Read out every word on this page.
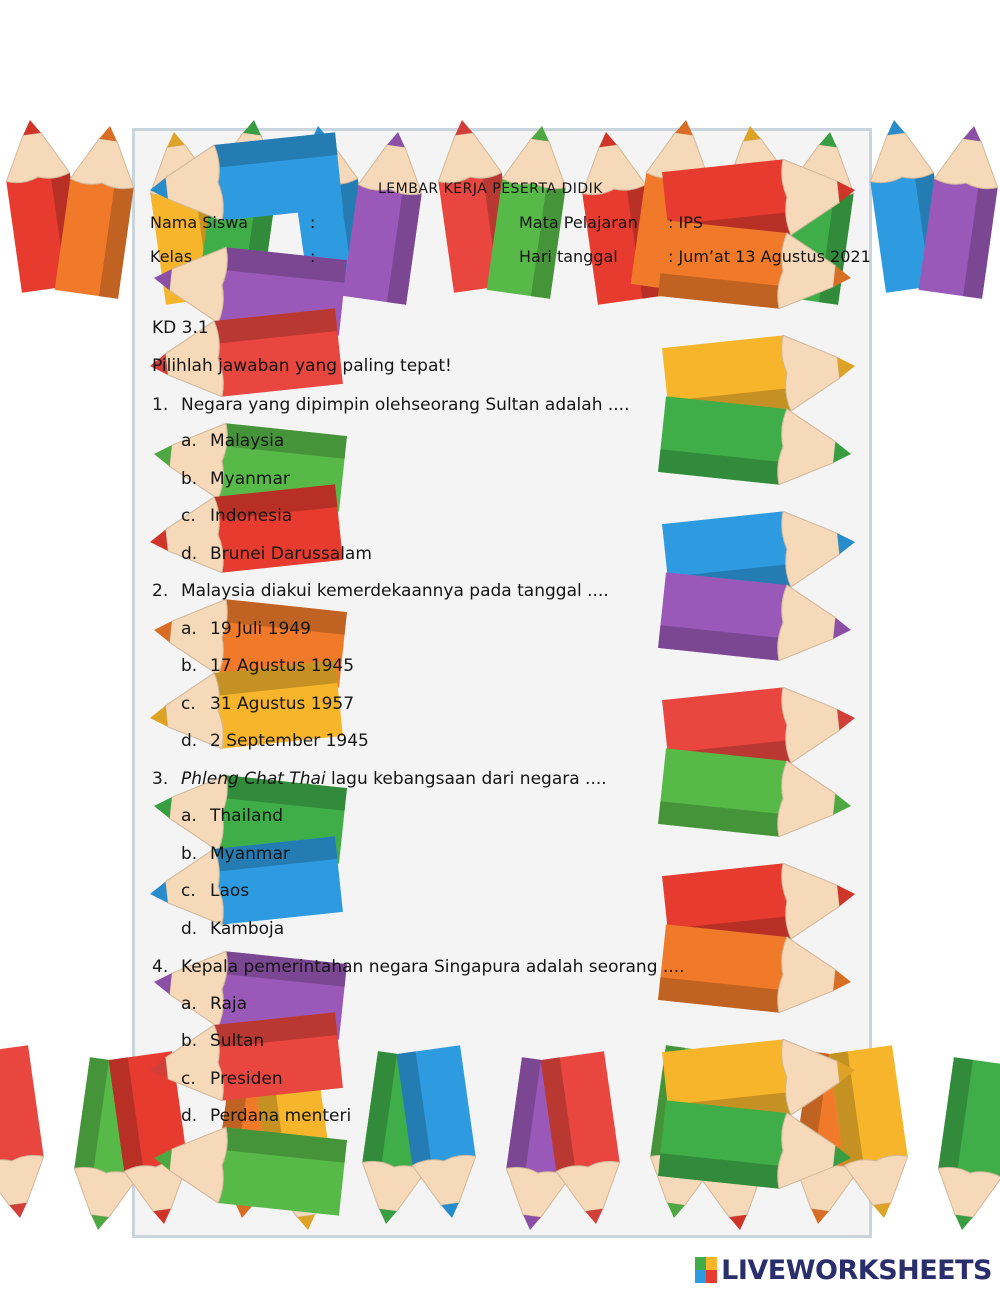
LEMBAR KERJA PESERTA DIDIK
Nama Siswa	:	Mata Pelajaran : IPS
Kelas	:	Hari tanggal	: Jum’at 13 Agustus 2021
KD 3.1
Pilihlah jawaban yang paling tepat!
1. Negara yang dipimpin olehseorang Sultan adalah ....
a. Malaysia
b. Myanmar
c. Indonesia
d. Brunei Darussalam
2. Malaysia diakui kemerdekaannya pada tanggal ....
a. 19 Juli 1949
b. 17 Agustus 1945
c. 31 Agustus 1957
d. 2 September 1945
3. Phleng Chat Thai lagu kebangsaan dari negara ....
a. Thailand
b. Myanmar
c. Laos
d. Kamboja
4. Kepala pemerintahan negara Singapura adalah seorang ....
a. Raja
b. Sultan
c. Presiden
d. Perdana menteri
LIVEWORKSHEETS
